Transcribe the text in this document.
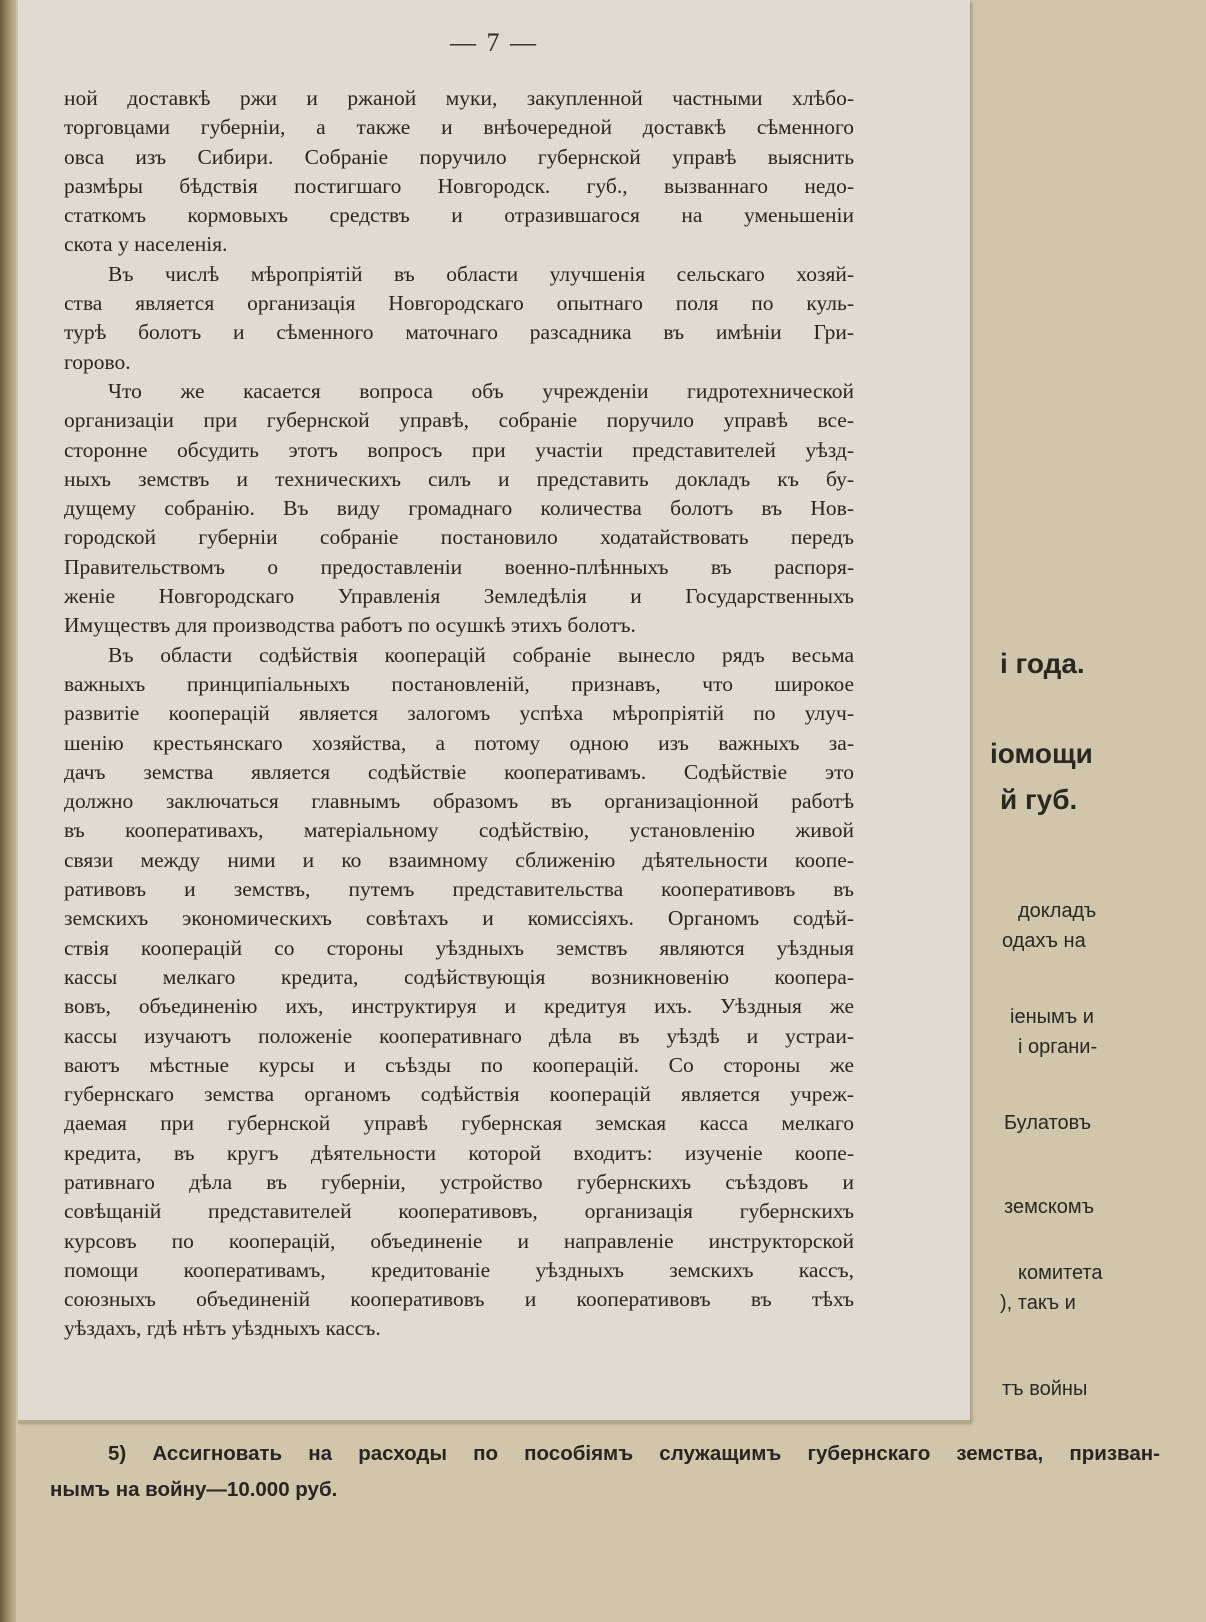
і года.
іомощи
й губ.
докладъ
одахъ на
іенымъ и
і органи-
Булатовъ
земскомъ
комитета
), такъ и
тъ войны
— 7 —
ной доставкѣ ржи и ржаной муки, закупленной частными хлѣбо-
торговцами губерніи, а также и внѣочередной доставкѣ сѣменного
овса изъ Сибири. Собраніе поручило губернской управѣ выяснить
размѣры бѣдствія постигшаго Новгородск. губ., вызваннаго недо-
статкомъ кормовыхъ средствъ и отразившагося на уменьшеніи
скота у населенія.
Въ числѣ мѣропріятій въ области улучшенія сельскаго хозяй-
ства является организація Новгородскаго опытнаго поля по куль-
турѣ болотъ и сѣменного маточнаго разсадника въ имѣніи Гри-
горово.
Что же касается вопроса объ учрежденіи гидротехнической
организаціи при губернской управѣ, собраніе поручило управѣ все-
сторонне обсудить этотъ вопросъ при участіи представителей уѣзд-
ныхъ земствъ и техническихъ силъ и представить докладъ къ бу-
дущему собранію. Въ виду громаднаго количества болотъ въ Нов-
городской губерніи собраніе постановило ходатайствовать передъ
Правительствомъ о предоставленіи военно-плѣнныхъ въ распоря-
женіе Новгородскаго Управленія Земледѣлія и Государственныхъ
Имуществъ для производства работъ по осушкѣ этихъ болотъ.
Въ области содѣйствія кооперацій собраніе вынесло рядъ весьма
важныхъ принципіальныхъ постановленій, признавъ, что широкое
развитіе кооперацій является залогомъ успѣха мѣропріятій по улуч-
шенію крестьянскаго хозяйства, а потому одною изъ важныхъ за-
дачъ земства является содѣйствіе кооперативамъ. Содѣйствіе это
должно заключаться главнымъ образомъ въ организаціонной работѣ
въ кооперативахъ, матеріальному содѣйствію, установленію живой
связи между ними и ко взаимному сближенію дѣятельности коопе-
ративовъ и земствъ, путемъ представительства кооперативовъ въ
земскихъ экономическихъ совѣтахъ и комиссіяхъ. Органомъ содѣй-
ствія кооперацій со стороны уѣздныхъ земствъ являются уѣздныя
кассы мелкаго кредита, содѣйствующія возникновенію коопера-
вовъ, объединенію ихъ, инструктируя и кредитуя ихъ. Уѣздныя же
кассы изучаютъ положеніе кооперативнаго дѣла въ уѣздѣ и устраи-
ваютъ мѣстные курсы и съѣзды по кооперацій. Со стороны же
губернскаго земства органомъ содѣйствія кооперацій является учреж-
даемая при губернской управѣ губернская земская касса мелкаго
кредита, въ кругъ дѣятельности которой входитъ: изученіе коопе-
ративнаго дѣла въ губерніи, устройство губернскихъ съѣздовъ и
совѣщаній представителей кооперативовъ, организація губернскихъ
курсовъ по кооперацій, объединеніе и направленіе инструкторской
помощи кооперативамъ, кредитованіе уѣздныхъ земскихъ кассъ,
союзныхъ объединеній кооперативовъ и кооперативовъ въ тѣхъ
уѣздахъ, гдѣ нѣтъ уѣздныхъ кассъ.
5) Ассигновать на расходы по пособіямъ служащимъ губернскаго земства, призван-
нымъ на войну—10.000 руб.
